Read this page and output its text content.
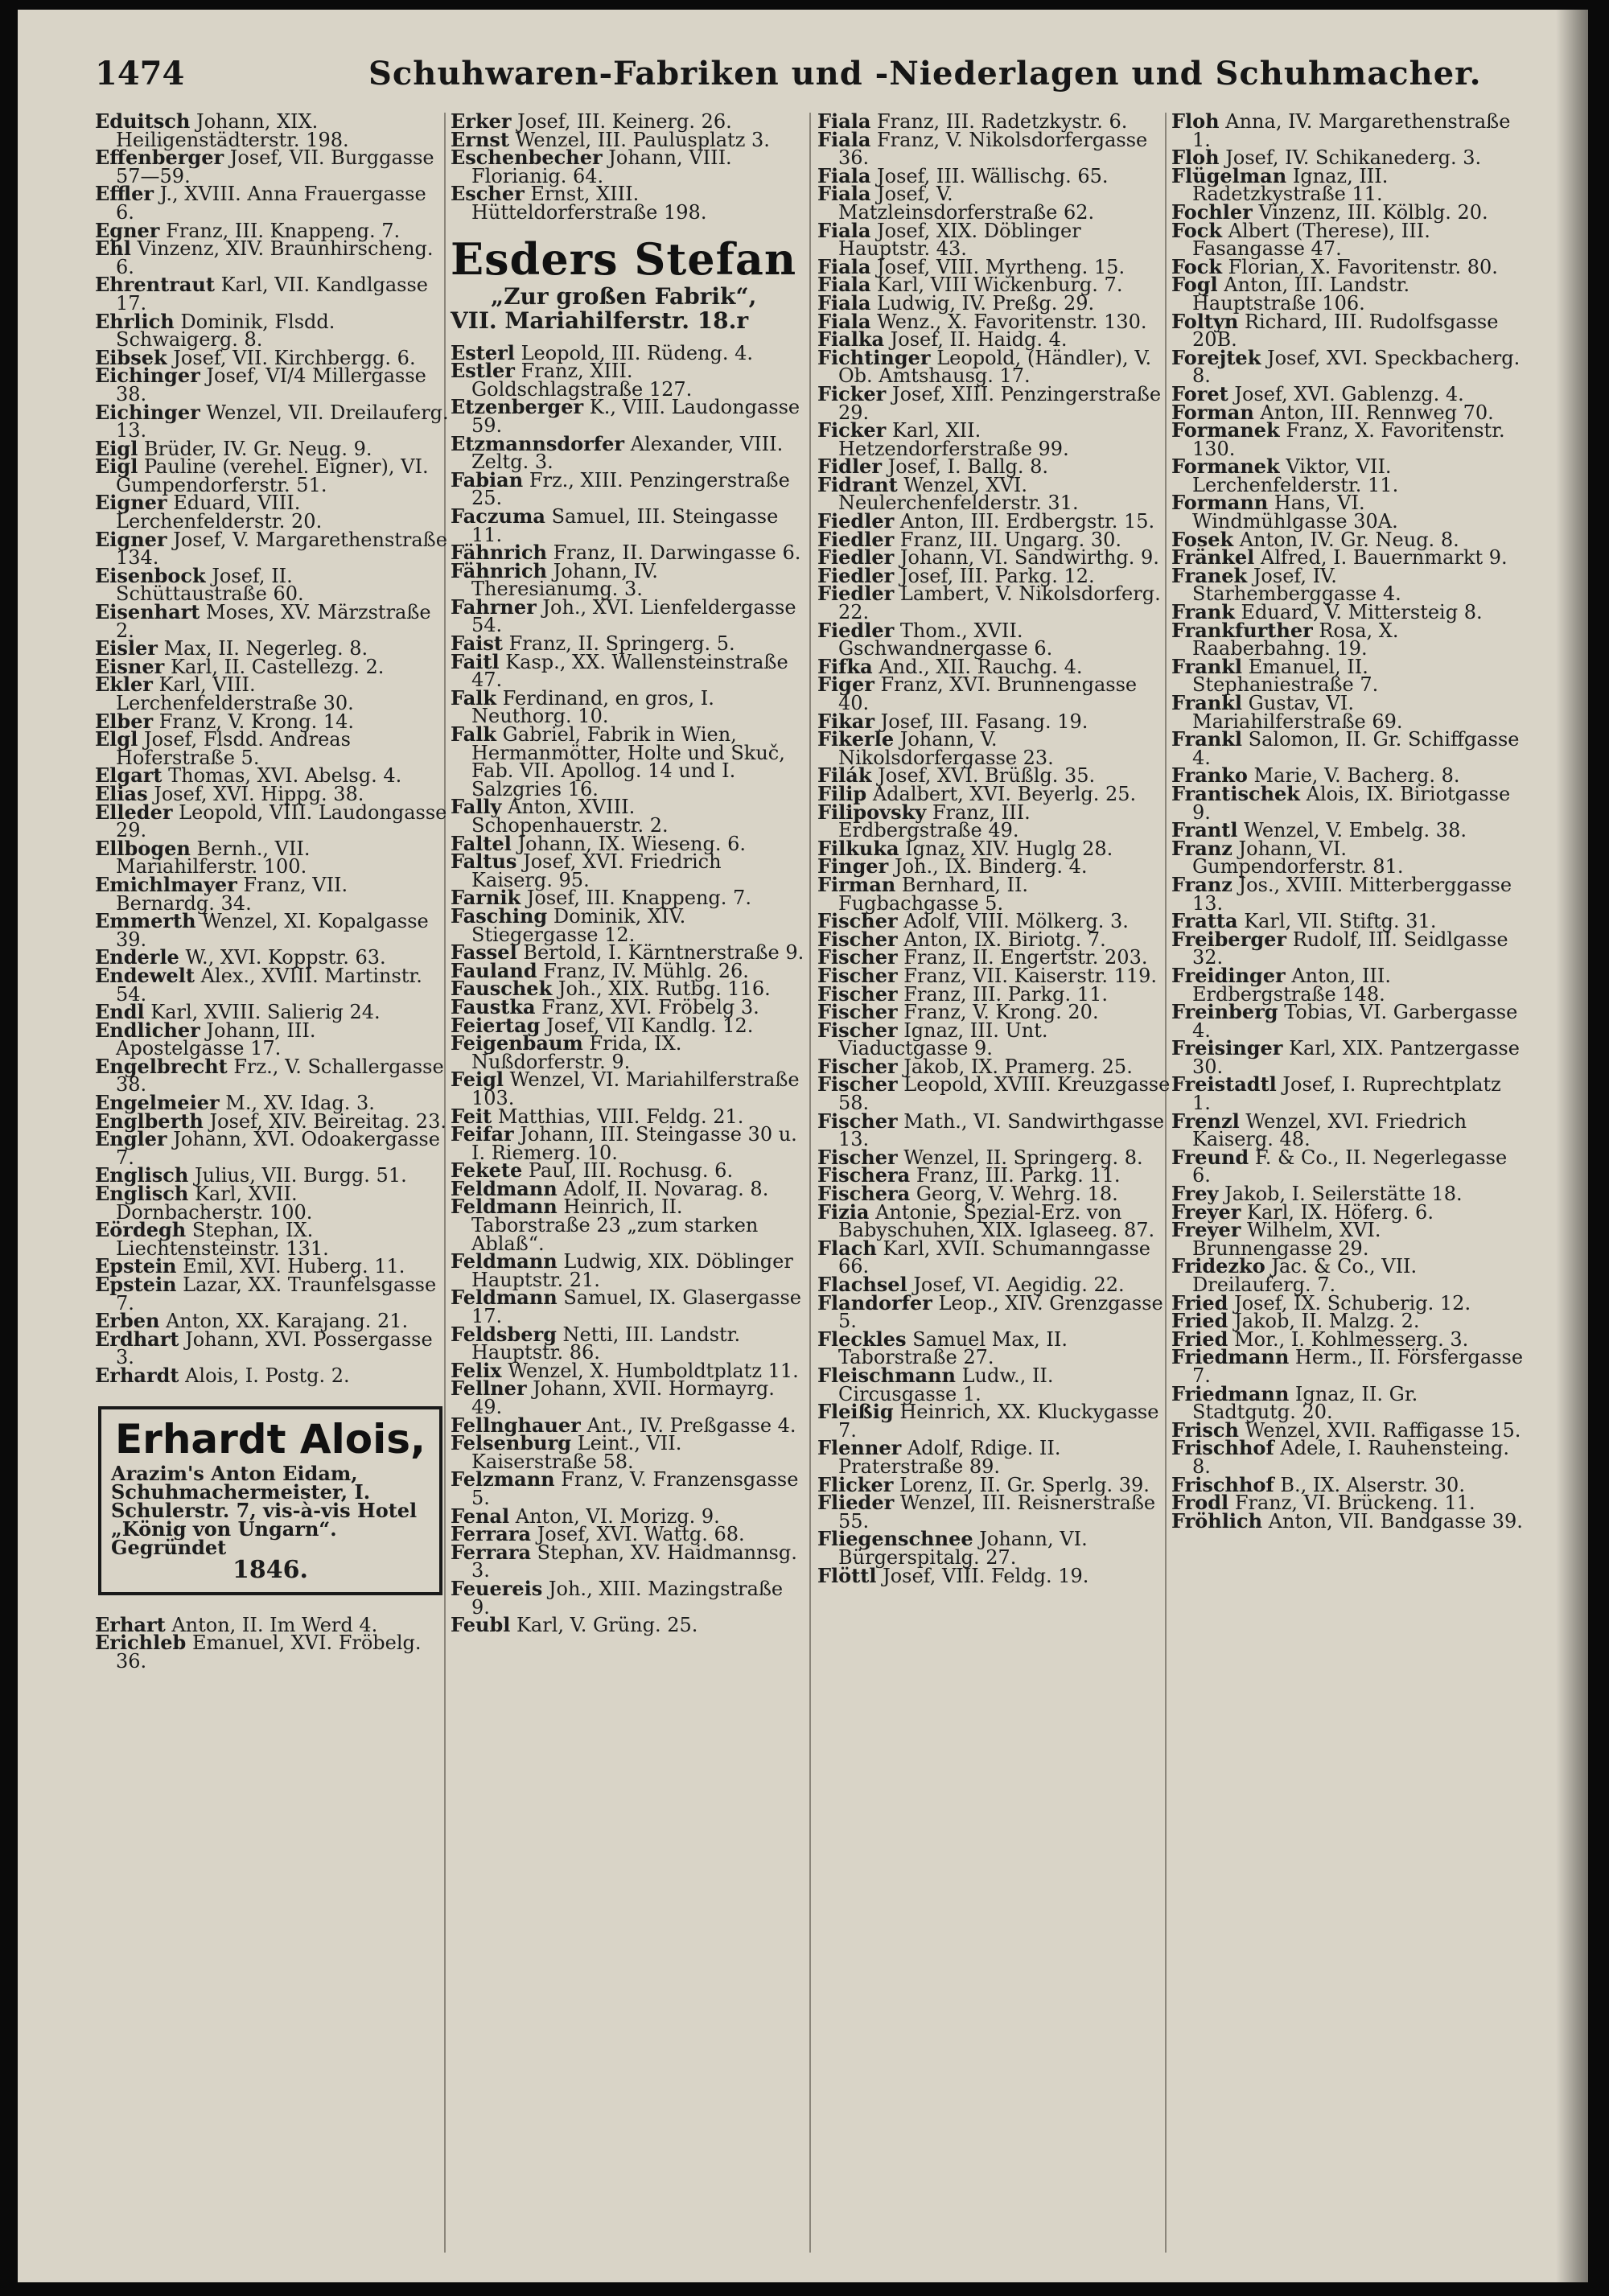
1474	Schuhwaren-Fabriken und -Niederlagen und Schuhmacher.

Eduitsch Johann, XIX. Heiligenstädterstr. 198.

Effenberger Josef, VII. Burggasse 57—59.

Effler J., XVIII. Anna Frauergasse 6.

Egner Franz, III. Knappeng. 7.

Ehl Vinzenz, XIV. Braunhirscheng. 6.

Ehrentraut Karl, VII. Kandlgasse 17.

Ehrlich Dominik, Flsdd. Schwaigerg. 8.

Eibsek Josef, VII. Kirchbergg. 6.

Eichinger Josef, VI/4 Millergasse 38.

Eichinger Wenzel, VII. Dreilauferg. 13.

Eigl Brüder, IV. Gr. Neug. 9.

Eigl Pauline (verehel. Eigner), VI. Gumpendorferstr. 51.

Eigner Eduard, VIII. Lerchenfelderstr. 20.

Eigner Josef, V. Margarethenstraße 134.

Eisenbock Josef, II. Schüttaustraße 60.

Eisenhart Moses, XV. Märzstraße 2.

Eisler Max, II. Negerleg. 8.

Eisner Karl, II. Castellezg. 2.

Ekler Karl, VIII. Lerchenfelderstraße 30.

Elber Franz, V. Krong. 14.

Elgl Josef, Flsdd. Andreas Hoferstraße 5.

Elgart Thomas, XVI. Abelsg. 4.

Elias Josef, XVI. Hippg. 38.

Elleder Leopold, VIII. Laudongasse 29.

Ellbogen Bernh., VII. Mariahilferstr. 100.

Emichlmayer Franz, VII. Bernardg. 34.

Emmerth Wenzel, XI. Kopalgasse 39.

Enderle W., XVI. Koppstr. 63.

Endewelt Alex., XVIII. Martinstr. 54.

Endl Karl, XVIII. Salierig 24.

Endlicher Johann, III. Apostelgasse 17.

Engelbrecht Frz., V. Schallergasse 38.

Engelmeier M., XV. Idag. 3.

Englberth Josef, XIV. Beireitag. 23.

Engler Johann, XVI. Odoakergasse 7.

Englisch Julius, VII. Burgg. 51.

Englisch Karl, XVII. Dornbacherstr. 100.

Eördegh Stephan, IX. Liechtensteinstr. 131.

Epstein Emil, XVI. Huberg. 11.

Epstein Lazar, XX. Traunfelsgasse 7.

Erben Anton, XX. Karajang. 21.

Erdhart Johann, XVI. Possergasse 3.

Erhardt Alois, I. Postg. 2.

Erhardt Alois,
Arazim's Anton Eidam, Schuhmachermeister, I. Schulerstr. 7, vis-à-vis Hotel „König von Ungarn“. Gegründet
1846.

Erhart Anton, II. Im Werd 4.

Erichleb Emanuel, XVI. Fröbelg. 36.

Erker Josef, III. Keinerg. 26.

Ernst Wenzel, III. Paulusplatz 3.

Eschenbecher Johann, VIII. Florianig. 64.

Escher Ernst, XIII. Hütteldorferstraße 198.

Esders Stefan
„Zur großen Fabrik“,
VII. Mariahilferstr. 18.r

Esterl Leopold, III. Rüdeng. 4.

Estler Franz, XIII. Goldschlagstraße 127.

Etzenberger K., VIII. Laudongasse 59.

Etzmannsdorfer Alexander, VIII. Zeltg. 3.

Fabian Frz., XIII. Penzingerstraße 25.

Faczuma Samuel, III. Steingasse 11.

Fähnrich Franz, II. Darwingasse 6.

Fähnrich Johann, IV. Theresianumg. 3.

Fahrner Joh., XVI. Lienfeldergasse 54.

Faist Franz, II. Springerg. 5.

Faitl Kasp., XX. Wallensteinstraße 47.

Falk Ferdinand, en gros, I. Neuthorg. 10.

Falk Gabriel, Fabrik in Wien, Hermanmötter, Holte und Skuč, Fab. VII. Apollog. 14 und I. Salzgries 16.

Fally Anton, XVIII. Schopenhauerstr. 2.

Faltel Johann, IX. Wieseng. 6.

Faltus Josef, XVI. Friedrich Kaiserg. 95.

Farnik Josef, III. Knappeng. 7.

Fasching Dominik, XIV. Stiegergasse 12.

Fassel Bertold, I. Kärntnerstraße 9.

Fauland Franz, IV. Mühlg. 26.

Fauschek Joh., XIX. Rutbg. 116.

Faustka Franz, XVI. Fröbelg 3.

Feiertag Josef, VII Kandlg. 12.

Feigenbaum Frida, IX. Nußdorferstr. 9.

Feigl Wenzel, VI. Mariahilferstraße 103.

Feit Matthias, VIII. Feldg. 21.

Feifar Johann, III. Steingasse 30 u. I. Riemerg. 10.

Fekete Paul, III. Rochusg. 6.

Feldmann Adolf, II. Novarag. 8.

Feldmann Heinrich, II. Taborstraße 23 „zum starken Ablaß“.

Feldmann Ludwig, XIX. Döblinger Hauptstr. 21.

Feldmann Samuel, IX. Glasergasse 17.

Feldsberg Netti, III. Landstr. Hauptstr. 86.

Felix Wenzel, X. Humboldtplatz 11.

Fellner Johann, XVII. Hormayrg. 49.

Fellnghauer Ant., IV. Preßgasse 4.

Felsenburg Leint., VII. Kaiserstraße 58.

Felzmann Franz, V. Franzensgasse 5.

Fenal Anton, VI. Morizg. 9.

Ferrara Josef, XVI. Wattg. 68.

Ferrara Stephan, XV. Haidmannsg. 3.

Feuereis Joh., XIII. Mazingstraße 9.

Feubl Karl, V. Grüng. 25.

Fiala Franz, III. Radetzkystr. 6.

Fiala Franz, V. Nikolsdorfergasse 36.

Fiala Josef, III. Wällischg. 65.

Fiala Josef, V. Matzleinsdorferstraße 62.

Fiala Josef, XIX. Döblinger Hauptstr. 43.

Fiala Josef, VIII. Myrtheng. 15.

Fiala Karl, VIII Wickenburg. 7.

Fiala Ludwig, IV. Preßg. 29.

Fiala Wenz., X. Favoritenstr. 130.

Fialka Josef, II. Haidg. 4.

Fichtinger Leopold, (Händler), V. Ob. Amtshausg. 17.

Ficker Josef, XIII. Penzingerstraße 29.

Ficker Karl, XII. Hetzendorferstraße 99.

Fidler Josef, I. Ballg. 8.

Fidrant Wenzel, XVI. Neulerchenfelderstr. 31.

Fiedler Anton, III. Erdbergstr. 15.

Fiedler Franz, III. Ungarg. 30.

Fiedler Johann, VI. Sandwirthg. 9.

Fiedler Josef, III. Parkg. 12.

Fiedler Lambert, V. Nikolsdorferg. 22.

Fiedler Thom., XVII. Gschwandnergasse 6.

Fifka And., XII. Rauchg. 4.

Figer Franz, XVI. Brunnengasse 40.

Fikar Josef, III. Fasang. 19.

Fikerle Johann, V. Nikolsdorfergasse 23.

Filák Josef, XVI. Brüßlg. 35.

Filip Adalbert, XVI. Beyerlg. 25.

Filipovsky Franz, III. Erdbergstraße 49.

Filkuka Ignaz, XIV. Huglg 28.

Finger Joh., IX. Binderg. 4.

Firman Bernhard, II. Fugbachgasse 5.

Fischer Adolf, VIII. Mölkerg. 3.

Fischer Anton, IX. Biriotg. 7.

Fischer Franz, II. Engertstr. 203.

Fischer Franz, VII. Kaiserstr. 119.

Fischer Franz, III. Parkg. 11.

Fischer Franz, V. Krong. 20.

Fischer Ignaz, III. Unt. Viaductgasse 9.

Fischer Jakob, IX. Pramerg. 25.

Fischer Leopold, XVIII. Kreuzgasse 58.

Fischer Math., VI. Sandwirthgasse 13.

Fischer Wenzel, II. Springerg. 8.

Fischera Franz, III. Parkg. 11.

Fischera Georg, V. Wehrg. 18.

Fizia Antonie, Spezial-Erz. von Babyschuhen, XIX. Iglaseeg. 87.

Flach Karl, XVII. Schumanngasse 66.

Flachsel Josef, VI. Aegidig. 22.

Flandorfer Leop., XIV. Grenzgasse 5.

Fleckles Samuel Max, II. Taborstraße 27.

Fleischmann Ludw., II. Circusgasse 1.

Fleißig Heinrich, XX. Kluckygasse 7.

Flenner Adolf, Rdige. II. Praterstraße 89.

Flicker Lorenz, II. Gr. Sperlg. 39.

Flieder Wenzel, III. Reisnerstraße 55.

Fliegenschnee Johann, VI. Bürgerspitalg. 27.

Flöttl Josef, VIII. Feldg. 19.

Floh Anna, IV. Margarethenstraße 1.

Floh Josef, IV. Schikanederg. 3.

Flügelman Ignaz, III. Radetzkystraße 11.

Fochler Vinzenz, III. Kölblg. 20.

Fock Albert (Therese), III. Fasangasse 47.

Fock Florian, X. Favoritenstr. 80.

Fogl Anton, III. Landstr. Hauptstraße 106.

Foltyn Richard, III. Rudolfsgasse 20B.

Forejtek Josef, XVI. Speckbacherg. 8.

Foret Josef, XVI. Gablenzg. 4.

Forman Anton, III. Rennweg 70.

Formanek Franz, X. Favoritenstr. 130.

Formanek Viktor, VII. Lerchenfelderstr. 11.

Formann Hans, VI. Windmühlgasse 30A.

Fosek Anton, IV. Gr. Neug. 8.

Fränkel Alfred, I. Bauernmarkt 9.

Franek Josef, IV. Starhemberggasse 4.

Frank Eduard, V. Mittersteig 8.

Frankfurther Rosa, X. Raaberbahng. 19.

Frankl Emanuel, II. Stephaniestraße 7.

Frankl Gustav, VI. Mariahilferstraße 69.

Frankl Salomon, II. Gr. Schiffgasse 4.

Franko Marie, V. Bacherg. 8.

Frantischek Alois, IX. Biriotgasse 9.

Frantl Wenzel, V. Embelg. 38.

Franz Johann, VI. Gumpendorferstr. 81.

Franz Jos., XVIII. Mitterberggasse 13.

Fratta Karl, VII. Stiftg. 31.

Freiberger Rudolf, III. Seidlgasse 32.

Freidinger Anton, III. Erdbergstraße 148.

Freinberg Tobias, VI. Garbergasse 4.

Freisinger Karl, XIX. Pantzergasse 30.

Freistadtl Josef, I. Ruprechtplatz 1.

Frenzl Wenzel, XVI. Friedrich Kaiserg. 48.

Freund F. & Co., II. Negerlegasse 6.

Frey Jakob, I. Seilerstätte 18.

Freyer Karl, IX. Höferg. 6.

Freyer Wilhelm, XVI. Brunnengasse 29.

Fridezko Jac. & Co., VII. Dreilauferg. 7.

Fried Josef, IX. Schuberig. 12.

Fried Jakob, II. Malzg. 2.

Fried Mor., I. Kohlmesserg. 3.

Friedmann Herm., II. Försfergasse 7.

Friedmann Ignaz, II. Gr. Stadtgutg. 20.

Frisch Wenzel, XVII. Raffigasse 15.

Frischhof Adele, I. Rauhensteing. 8.

Frischhof B., IX. Alserstr. 30.

Frodl Franz, VI. Brückeng. 11.

Fröhlich Anton, VII. Bandgasse 39.
